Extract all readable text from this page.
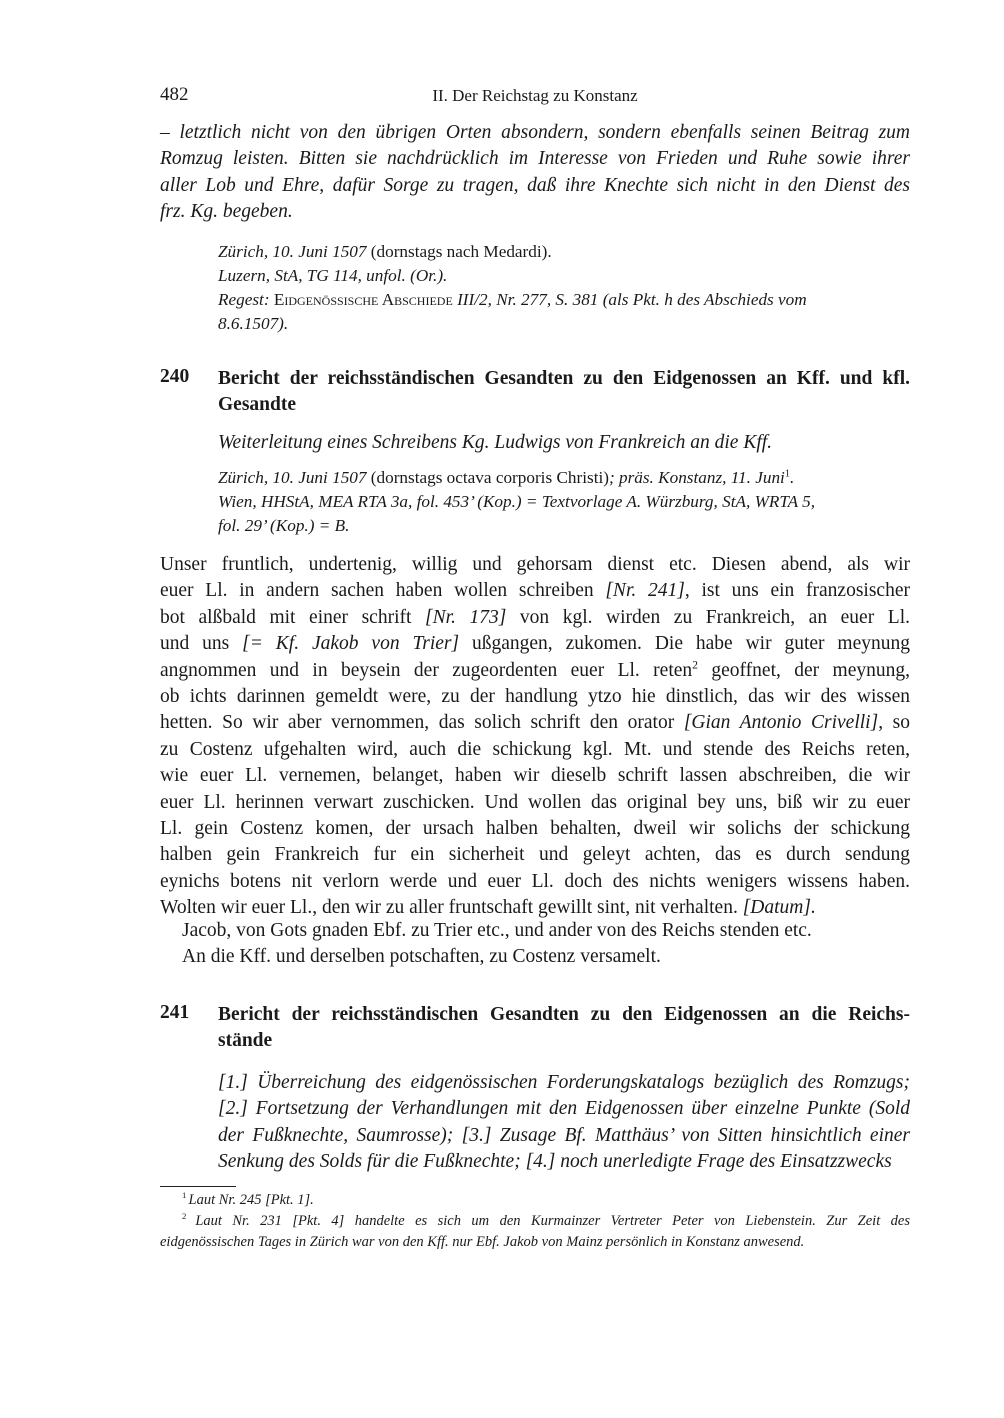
482	II. Der Reichstag zu Konstanz
– letztlich nicht von den übrigen Orten absondern, sondern ebenfalls seinen Beitrag zum
Romzug leisten. Bitten sie nachdrücklich im Interesse von Frieden und Ruhe sowie ihrer
aller Lob und Ehre, dafür Sorge zu tragen, daß ihre Knechte sich nicht in den Dienst des
frz. Kg. begeben.
Zürich, 10. Juni 1507 (dornstags nach Medardi).
Luzern, StA, TG 114, unfol. (Or.).
Regest: Eidgenössische Abschiede III/2, Nr. 277, S. 381 (als Pkt. h des Abschieds vom
8.6.1507).
240 Bericht der reichsständischen Gesandten zu den Eidgenossen an Kff. und kfl.
Gesandte
Weiterleitung eines Schreibens Kg. Ludwigs von Frankreich an die Kff.
Zürich, 10. Juni 1507 (dornstags octava corporis Christi); präs. Konstanz, 11. Juni$^1$.
Wien, HHStA, MEA RTA 3a, fol. 453’ (Kop.) = Textvorlage A. Würzburg, StA, WRTA 5,
fol. 29’ (Kop.) = B.
Unser fruntlich, undertenig, willig und gehorsam dienst etc. Diesen abend, als wir
euer Ll. in andern sachen haben wollen schreiben [Nr. 241], ist uns ein franzosischer
bot alßbald mit einer schrift [Nr. 173] von kgl. wirden zu Frankreich, an euer Ll.
und uns [= Kf. Jakob von Trier] ußgangen, zukomen. Die habe wir guter meynung
angnommen und in beysein der zugeordenten euer Ll. reten$^2$ geoffnet, der meynung,
ob ichts darinnen gemeldt were, zu der handlung ytzo hie dinstlich, das wir des wissen
hetten. So wir aber vernommen, das solich schrift den orator [Gian Antonio Crivelli], so
zu Costenz ufgehalten wird, auch die schickung kgl. Mt. und stende des Reichs reten,
wie euer Ll. vernemen, belanget, haben wir dieselb schrift lassen abschreiben, die wir
euer Ll. herinnen verwart zuschicken. Und wollen das original bey uns, biß wir zu euer
Ll. gein Costenz komen, der ursach halben behalten, dweil wir solichs der schickung
halben gein Frankreich fur ein sicherheit und geleyt achten, das es durch sendung
eynichs botens nit verlorn werde und euer Ll. doch des nichts wenigers wissens haben.
Wolten wir euer Ll., den wir zu aller fruntschaft gewillt sint, nit verhalten. [Datum].
Jacob, von Gots gnaden Ebf. zu Trier etc., und ander von des Reichs stenden etc.
An die Kff. und derselben potschaften, zu Costenz versamelt.
241 Bericht der reichsständischen Gesandten zu den Eidgenossen an die Reichs-
stände
[1.] Überreichung des eidgenössischen Forderungskatalogs bezüglich des Romzugs;
[2.] Fortsetzung der Verhandlungen mit den Eidgenossen über einzelne Punkte (Sold
der Fußknechte, Saumrosse); [3.] Zusage Bf. Matthäus’ von Sitten hinsichtlich einer
Senkung des Solds für die Fußknechte; [4.] noch unerledigte Frage des Einsatzzwecks
$^1$ Laut Nr. 245 [Pkt. 1].
$^2$ Laut Nr. 231 [Pkt. 4] handelte es sich um den Kurmainzer Vertreter Peter von Liebenstein. Zur Zeit des
eidgenössischen Tages in Zürich war von den Kff. nur Ebf. Jakob von Mainz persönlich in Konstanz anwesend.
